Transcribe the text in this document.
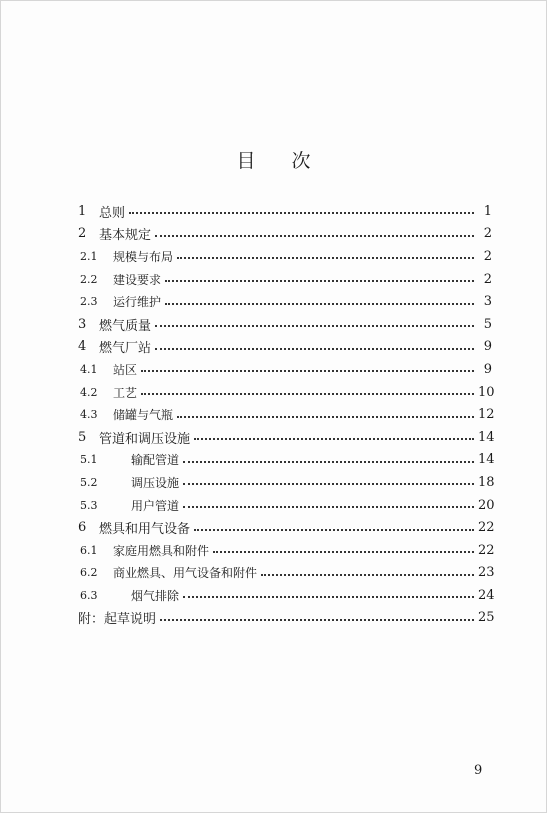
目 次
1 总则	1
2 基本规定	2
2.1	规模与布局	2
2.2	建设要求	2
2.3	运行维护	3
3 燃气质量	5
4 燃气厂站	9
4.1	站区	9
4.2	工艺	10
4.3	储罐与气瓶	12
5 管道和调压设施	14
5.1	输配管道	14
5.2	调压设施	18
5.3	用户管道	20
6 燃具和用气设备	22
6.1	家庭用燃具和附件	22
6.2	商业燃具、用气设备和附件	23
6.3	烟气排除	24
附：起草说明	25
9
